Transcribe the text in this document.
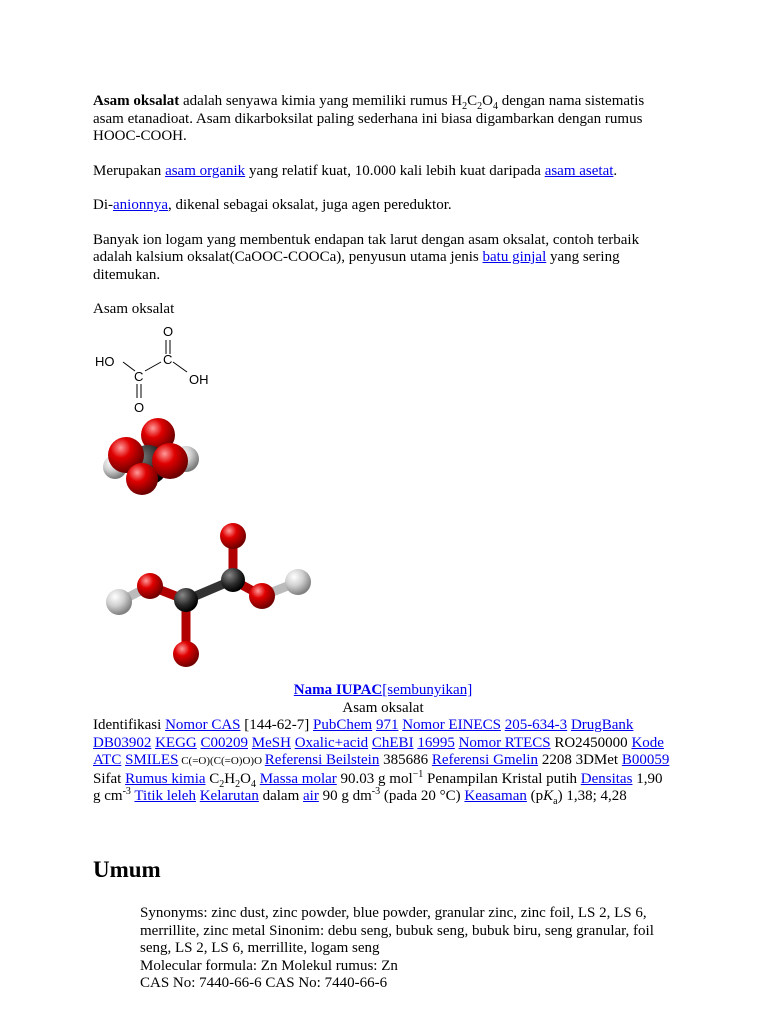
Asam oksalat adalah senyawa kimia yang memiliki rumus $H_2C_2O_4$ dengan nama sistematis asam etanadioat. Asam dikarboksilat paling sederhana ini biasa digambarkan dengan rumus HOOC-COOH.

Merupakan asam organik yang relatif kuat, 10.000 kali lebih kuat daripada asam asetat.

Di-anionnya, dikenal sebagai oksalat, juga agen pereduktor.

Banyak ion logam yang membentuk endapan tak larut dengan asam oksalat, contoh terbaik adalah kalsium oksalat(CaOOC-COOCa), penyusun utama jenis batu ginjal yang sering ditemukan.

Asam oksalat
O
C
HO
C	OH
O
Nama IUPAC[sembunyikan]
Asam oksalat
Identifikasi Nomor CAS [144-62-7] PubChem 971 Nomor EINECS 205-634-3 DrugBank DB03902 KEGG C00209 MeSH Oxalic+acid ChEBI 16995 Nomor RTECS RO2450000 Kode ATC SMILES C(=O)(C(=O)O)O Referensi Beilstein 385686 Referensi Gmelin 2208 3DMet B00059 Sifat Rumus kimia $C_2H_2O_4$ Massa molar 90.03 g mol$^{-1}$ Penampilan Kristal putih Densitas 1,90 g $cm^{-3}$ Titik leleh Kelarutan dalam air 90 g $dm^{-3}$ (pada 20 °C) Keasaman $(pK_a)$ 1,38; 4,28
Umum
Synonyms: zinc dust, zinc powder, blue powder, granular zinc, zinc foil, LS 2, LS 6, merrillite, zinc metal Sinonim: debu seng, bubuk seng, bubuk biru, seng granular, foil seng, LS 2, LS 6, merrillite, logam seng
Molecular formula: Zn Molekul rumus: Zn
CAS No: 7440-66-6 CAS No: 7440-66-6
